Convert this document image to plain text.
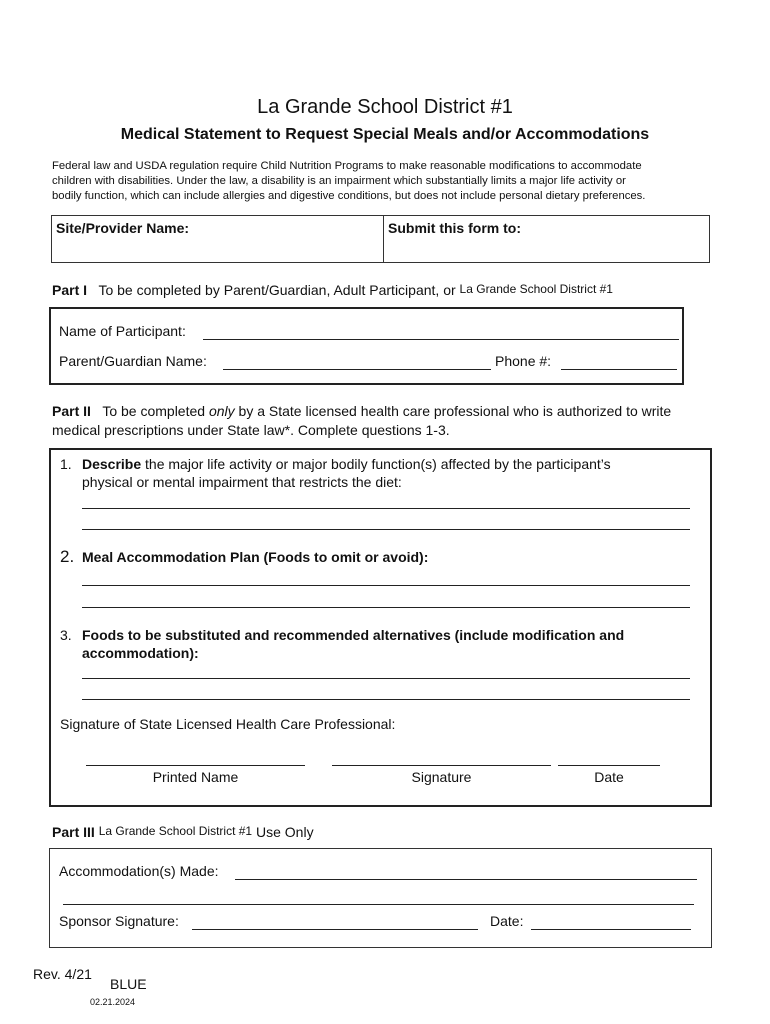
La Grande School District #1
Medical Statement to Request Special Meals and/or Accommodations
Federal law and USDA regulation require Child Nutrition Programs to make reasonable modifications to accommodate
children with disabilities. Under the law, a disability is an impairment which substantially limits a major life activity or
bodily function, which can include allergies and digestive conditions, but does not include personal dietary preferences.
Site/Provider Name:	Submit this form to:
Part I To be completed by Parent/Guardian, Adult Participant, or La Grande School District #1
Name of Participant:
Parent/Guardian Name:	Phone #:
Part II To be completed only by a State licensed health care professional who is authorized to write
medical prescriptions under State law*. Complete questions 1-3.
1. Describe the major life activity or major bodily function(s) affected by the participant’s
physical or mental impairment that restricts the diet:
2. Meal Accommodation Plan (Foods to omit or avoid):
3. Foods to be substituted and recommended alternatives (include modification and
accommodation):
Signature of State Licensed Health Care Professional:
Printed Name	Signature	Date
Part III La Grande School District #1 Use Only
Accommodation(s) Made:
Sponsor Signature:	Date:
Rev. 4/21
BLUE
02.21.2024
